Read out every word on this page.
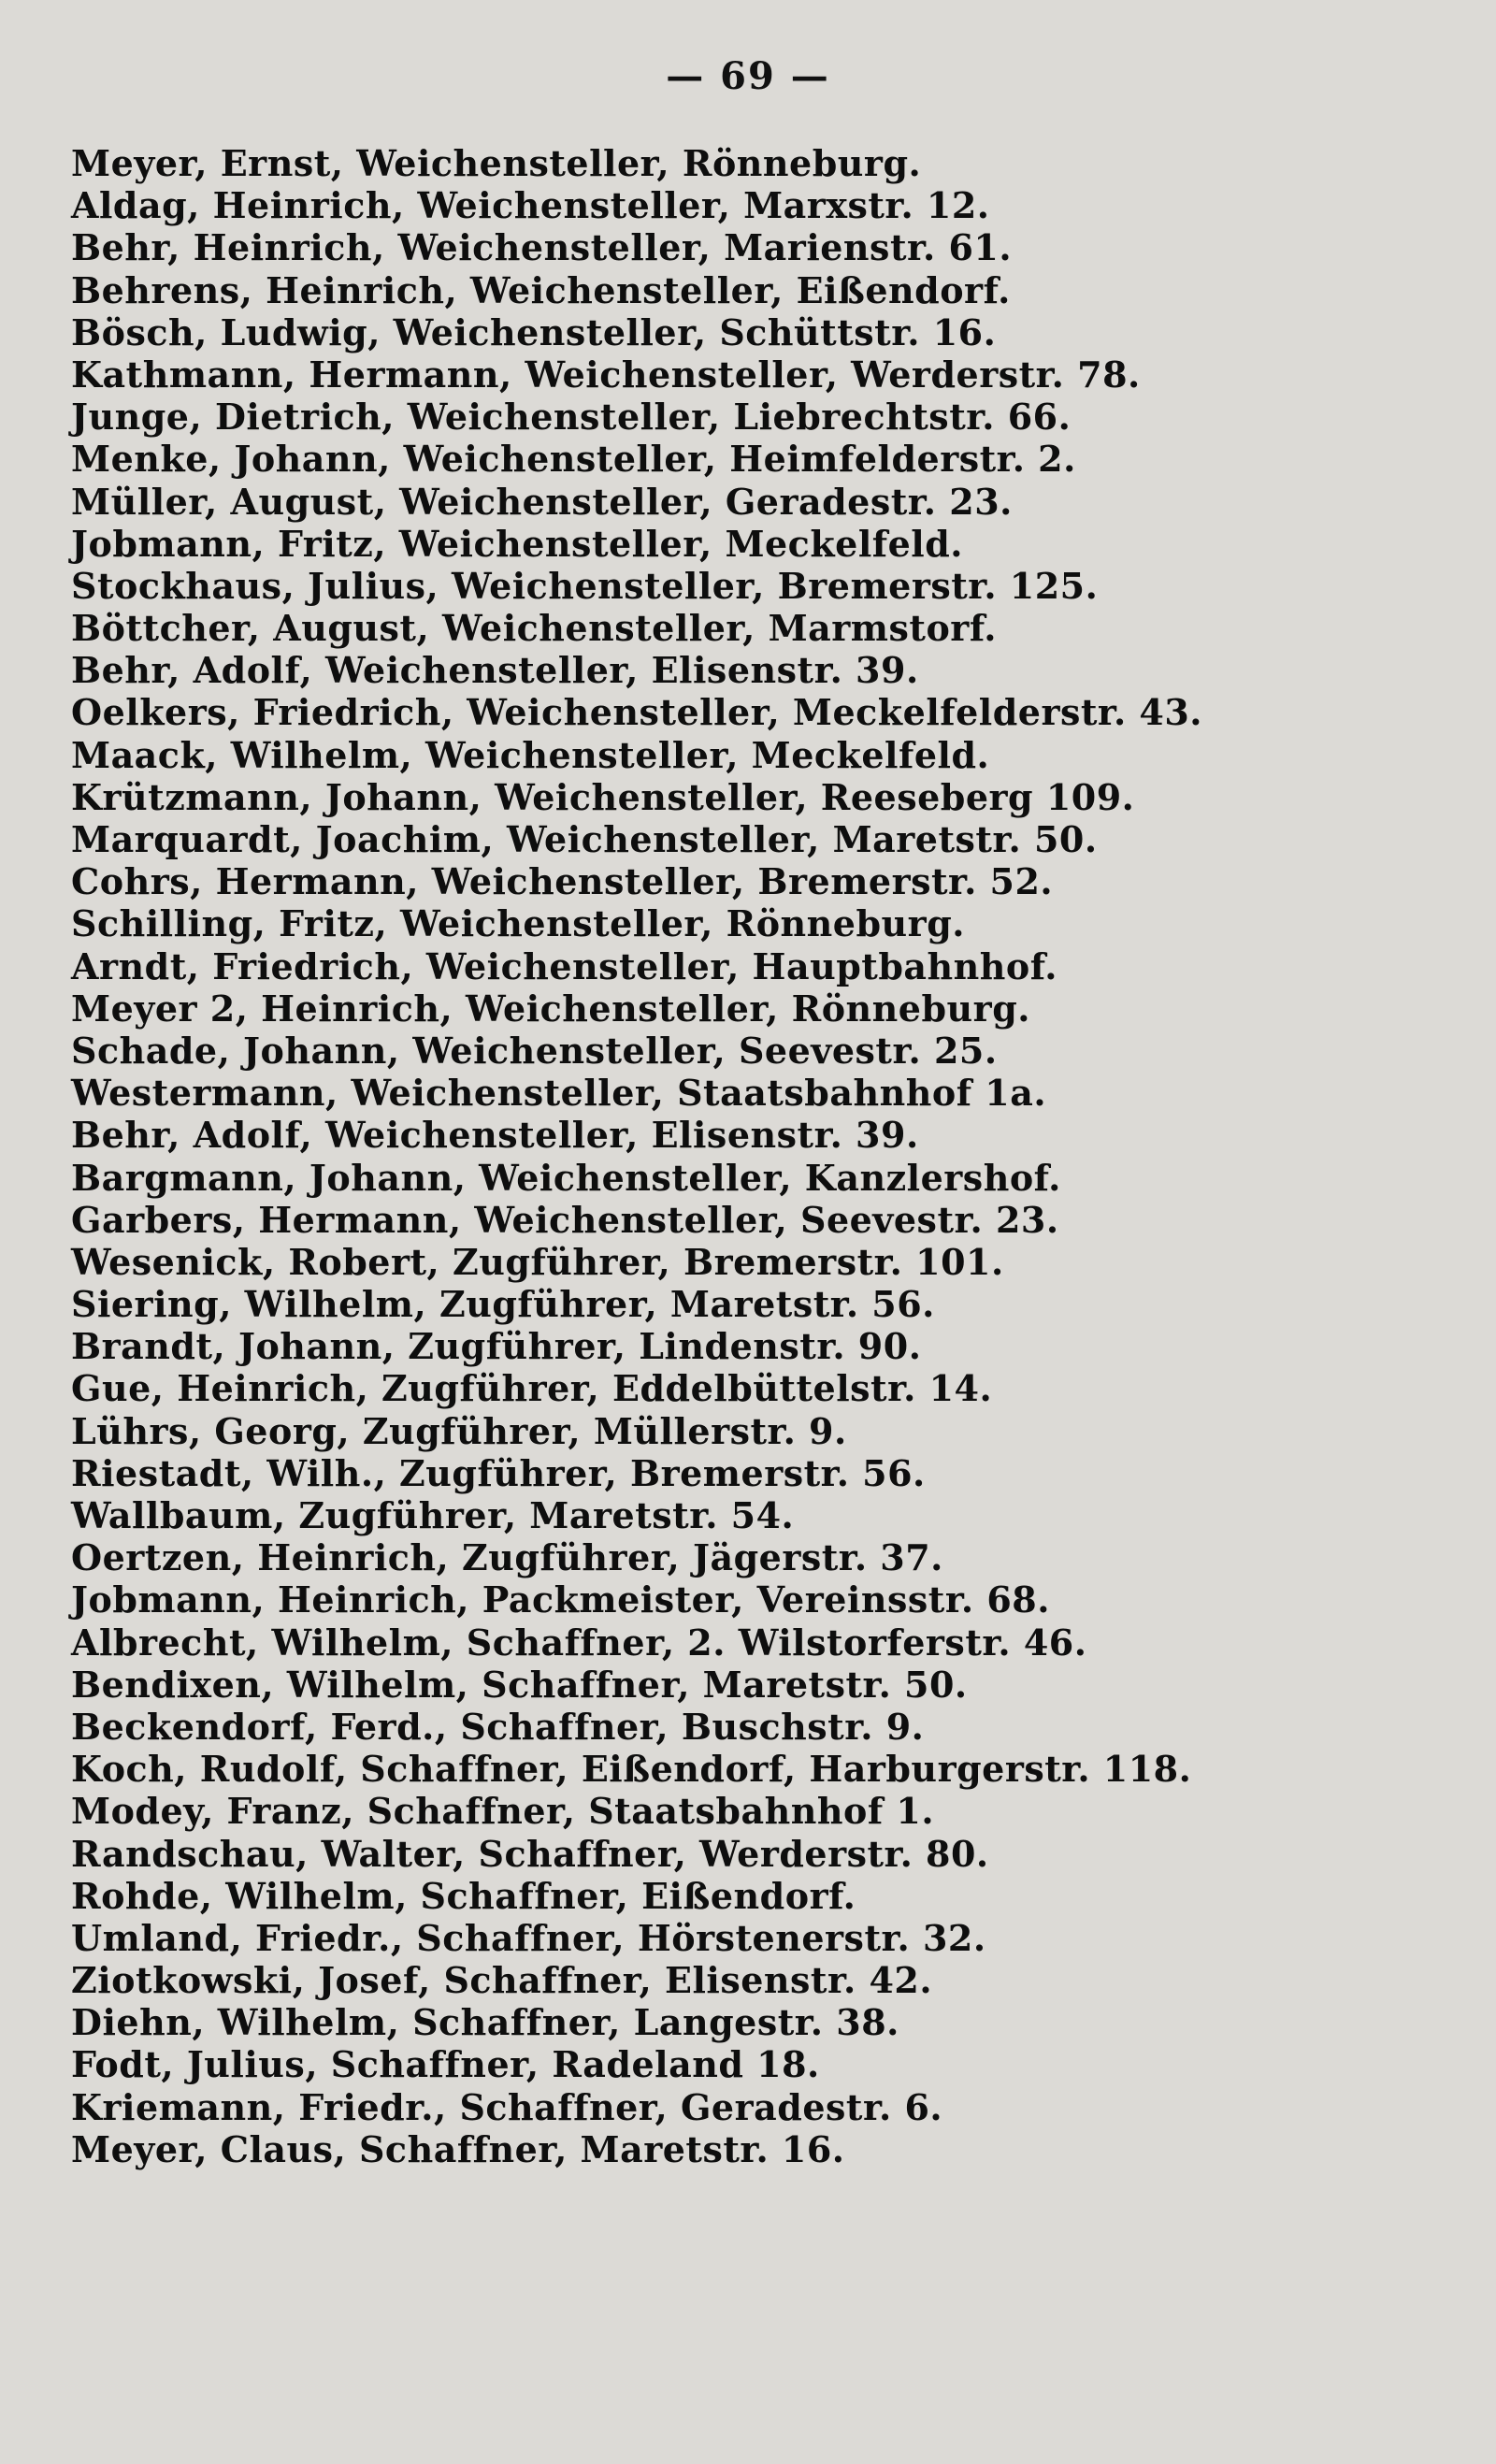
— 69 —
Meyer, Ernst, Weichensteller, Rönneburg.
Aldag, Heinrich, Weichensteller, Marxstr. 12.
Behr, Heinrich, Weichensteller, Marienstr. 61.
Behrens, Heinrich, Weichensteller, Eißendorf.
Bösch, Ludwig, Weichensteller, Schüttstr. 16.
Kathmann, Hermann, Weichensteller, Werderstr. 78.
Junge, Dietrich, Weichensteller, Liebrechtstr. 66.
Menke, Johann, Weichensteller, Heimfelderstr. 2.
Müller, August, Weichensteller, Geradestr. 23.
Jobmann, Fritz, Weichensteller, Meckelfeld.
Stockhaus, Julius, Weichensteller, Bremerstr. 125.
Böttcher, August, Weichensteller, Marmstorf.
Behr, Adolf, Weichensteller, Elisenstr. 39.
Oelkers, Friedrich, Weichensteller, Meckelfelderstr. 43.
Maack, Wilhelm, Weichensteller, Meckelfeld.
Krützmann, Johann, Weichensteller, Reeseberg 109.
Marquardt, Joachim, Weichensteller, Maretstr. 50.
Cohrs, Hermann, Weichensteller, Bremerstr. 52.
Schilling, Fritz, Weichensteller, Rönneburg.
Arndt, Friedrich, Weichensteller, Hauptbahnhof.
Meyer 2, Heinrich, Weichensteller, Rönneburg.
Schade, Johann, Weichensteller, Seevestr. 25.
Westermann, Weichensteller, Staatsbahnhof 1a.
Behr, Adolf, Weichensteller, Elisenstr. 39.
Bargmann, Johann, Weichensteller, Kanzlershof.
Garbers, Hermann, Weichensteller, Seevestr. 23.
Wesenick, Robert, Zugführer, Bremerstr. 101.
Siering, Wilhelm, Zugführer, Maretstr. 56.
Brandt, Johann, Zugführer, Lindenstr. 90.
Gue, Heinrich, Zugführer, Eddelbüttelstr. 14.
Lührs, Georg, Zugführer, Müllerstr. 9.
Riestadt, Wilh., Zugführer, Bremerstr. 56.
Wallbaum, Zugführer, Maretstr. 54.
Oertzen, Heinrich, Zugführer, Jägerstr. 37.
Jobmann, Heinrich, Packmeister, Vereinsstr. 68.
Albrecht, Wilhelm, Schaffner, 2. Wilstorferstr. 46.
Bendixen, Wilhelm, Schaffner, Maretstr. 50.
Beckendorf, Ferd., Schaffner, Buschstr. 9.
Koch, Rudolf, Schaffner, Eißendorf, Harburgerstr. 118.
Modey, Franz, Schaffner, Staatsbahnhof 1.
Randschau, Walter, Schaffner, Werderstr. 80.
Rohde, Wilhelm, Schaffner, Eißendorf.
Umland, Friedr., Schaffner, Hörstenerstr. 32.
Ziotkowski, Josef, Schaffner, Elisenstr. 42.
Diehn, Wilhelm, Schaffner, Langestr. 38.
Fodt, Julius, Schaffner, Radeland 18.
Kriemann, Friedr., Schaffner, Geradestr. 6.
Meyer, Claus, Schaffner, Maretstr. 16.
